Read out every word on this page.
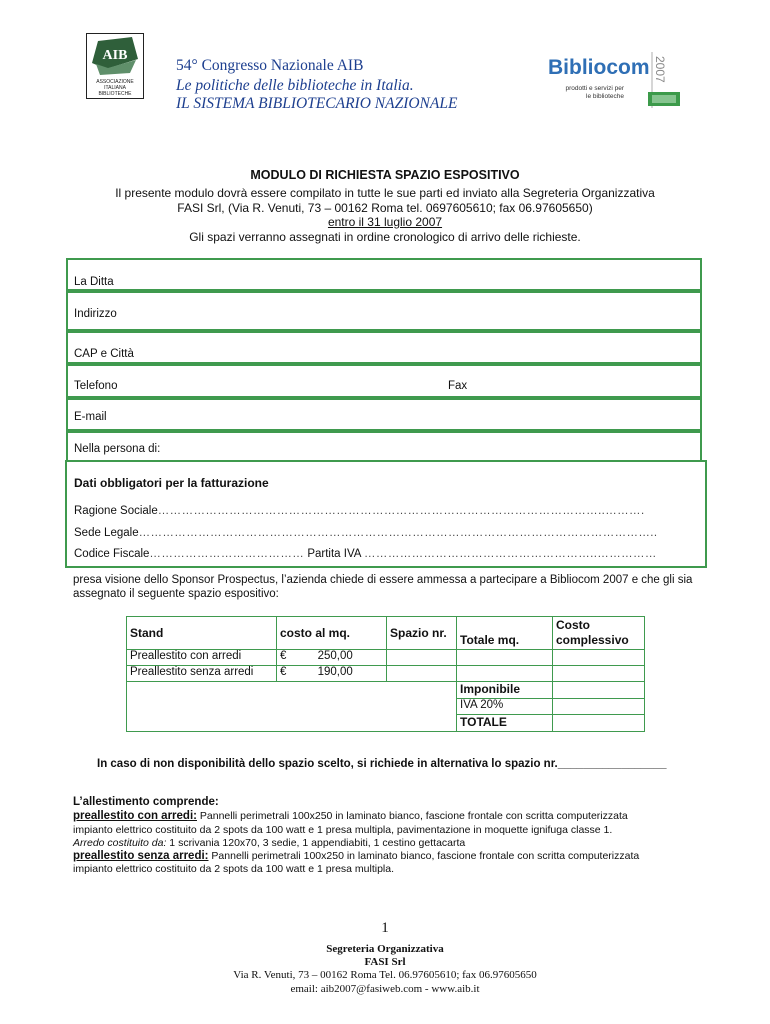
AIB
ASSOCIAZIONE
ITALIANA
BIBLIOTECHE
54° Congresso Nazionale AIB
Le politiche delle biblioteche in Italia.
IL SISTEMA BIBLIOTECARIO NAZIONALE
Bibliocom
prodotti e servizi per
le biblioteche
2007
MODULO DI RICHIESTA SPAZIO ESPOSITIVO
Il presente modulo dovrà essere compilato in tutte le sue parti ed inviato alla Segreteria Organizzativa
FASI Srl, (Via R. Venuti, 73 – 00162 Roma tel. 0697605610; fax 06.97605650)
entro il 31 luglio 2007
Gli spazi verranno assegnati in ordine cronologico di arrivo delle richieste.
La Ditta
Indirizzo
CAP e Città
Telefono	Fax
E-mail
Nella persona di:
Dati obbligatori per la fatturazione
Ragione Sociale…………………………………………………………………………………………………..……….
Sede Legale…………………………………………………………………………………………………………………..
Codice Fiscale………………………………… Partita IVA …………………………………………………..……………
presa visione dello Sponsor Prospectus, l’azienda chiede di essere ammessa a partecipare a Bibliocom 2007 e che gli sia
assegnato il seguente spazio espositivo:
Stand	costo al mq.	Spazio nr.	Totale mq.	Costo
complessivo

Preallestito con arredi	€ 250,00			
Preallestito senza arredi	€ 190,00			
			Imponibile	
			IVA 20%	
			TOTALE	
In caso di non disponibilità dello spazio scelto, si richiede in alternativa lo spazio nr._________________
L’allestimento comprende:
preallestito con arredi: Pannelli perimetrali 100x250 in laminato bianco, fascione frontale con scritta computerizzata
impianto elettrico costituito da 2 spots da 100 watt e 1 presa multipla, pavimentazione in moquette ignifuga classe 1.
Arredo costituito da: 1 scrivania 120x70, 3 sedie, 1 appendiabiti, 1 cestino gettacarta
preallestito senza arredi: Pannelli perimetrali 100x250 in laminato bianco, fascione frontale con scritta computerizzata
impianto elettrico costituito da 2 spots da 100 watt e 1 presa multipla.
1
Segreteria Organizzativa
FASI Srl
Via R. Venuti, 73 – 00162 Roma Tel. 06.97605610; fax 06.97605650
email: aib2007@fasiweb.com - www.aib.it
